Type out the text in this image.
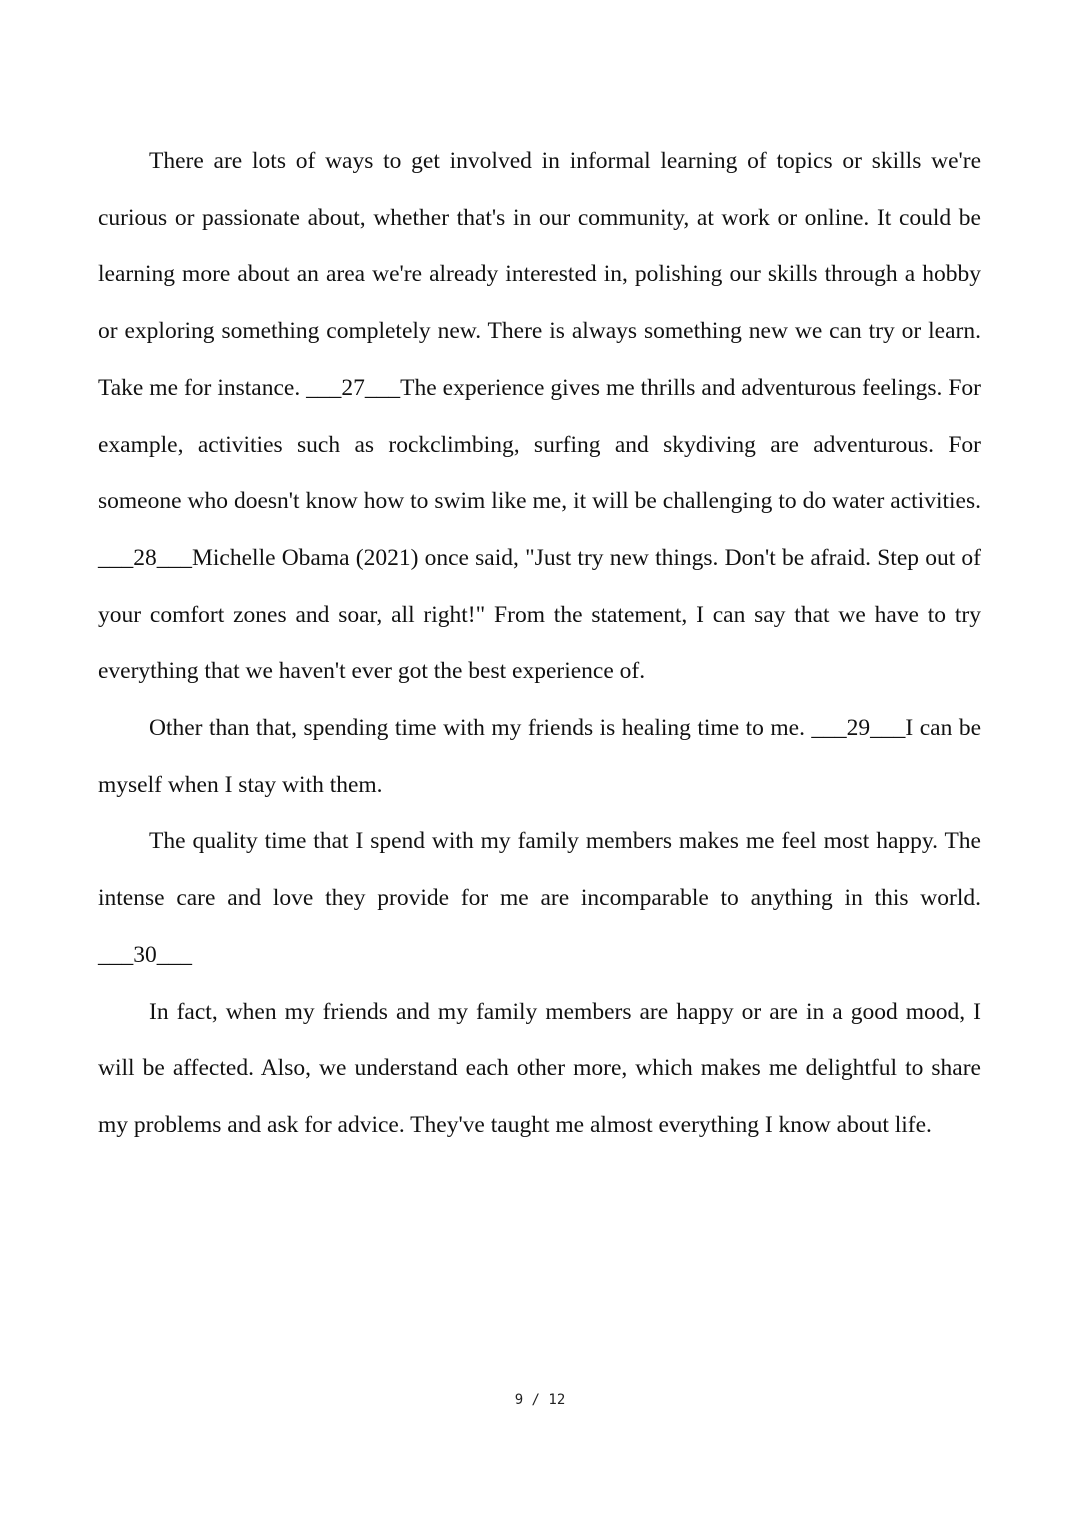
There are lots of ways to get involved in informal learning of topics or skills we're curious or passionate about, whether that's in our community, at work or online. It could be learning more about an area we're already interested in, polishing our skills through a hobby or exploring something completely new. There is always something new we can try or learn. Take me for instance. ___27___The experience gives me thrills and adventurous feelings. For example, activities such as rockclimbing, surfing and skydiving are adventurous. For someone who doesn't know how to swim like me, it will be challenging to do water activities. ___28___Michelle Obama (2021) once said, "Just try new things. Don't be afraid. Step out of your comfort zones and soar, all right!" From the statement, I can say that we have to try everything that we haven't ever got the best experience of.

Other than that, spending time with my friends is healing time to me. ___29___I can be myself when I stay with them.

The quality time that I spend with my family members makes me feel most happy. The intense care and love they provide for me are incomparable to anything in this world. ___30___

In fact, when my friends and my family members are happy or are in a good mood, I will be affected. Also, we understand each other more, which makes me delightful to share my problems and ask for advice. They've taught me almost everything I know about life.

9 / 12
